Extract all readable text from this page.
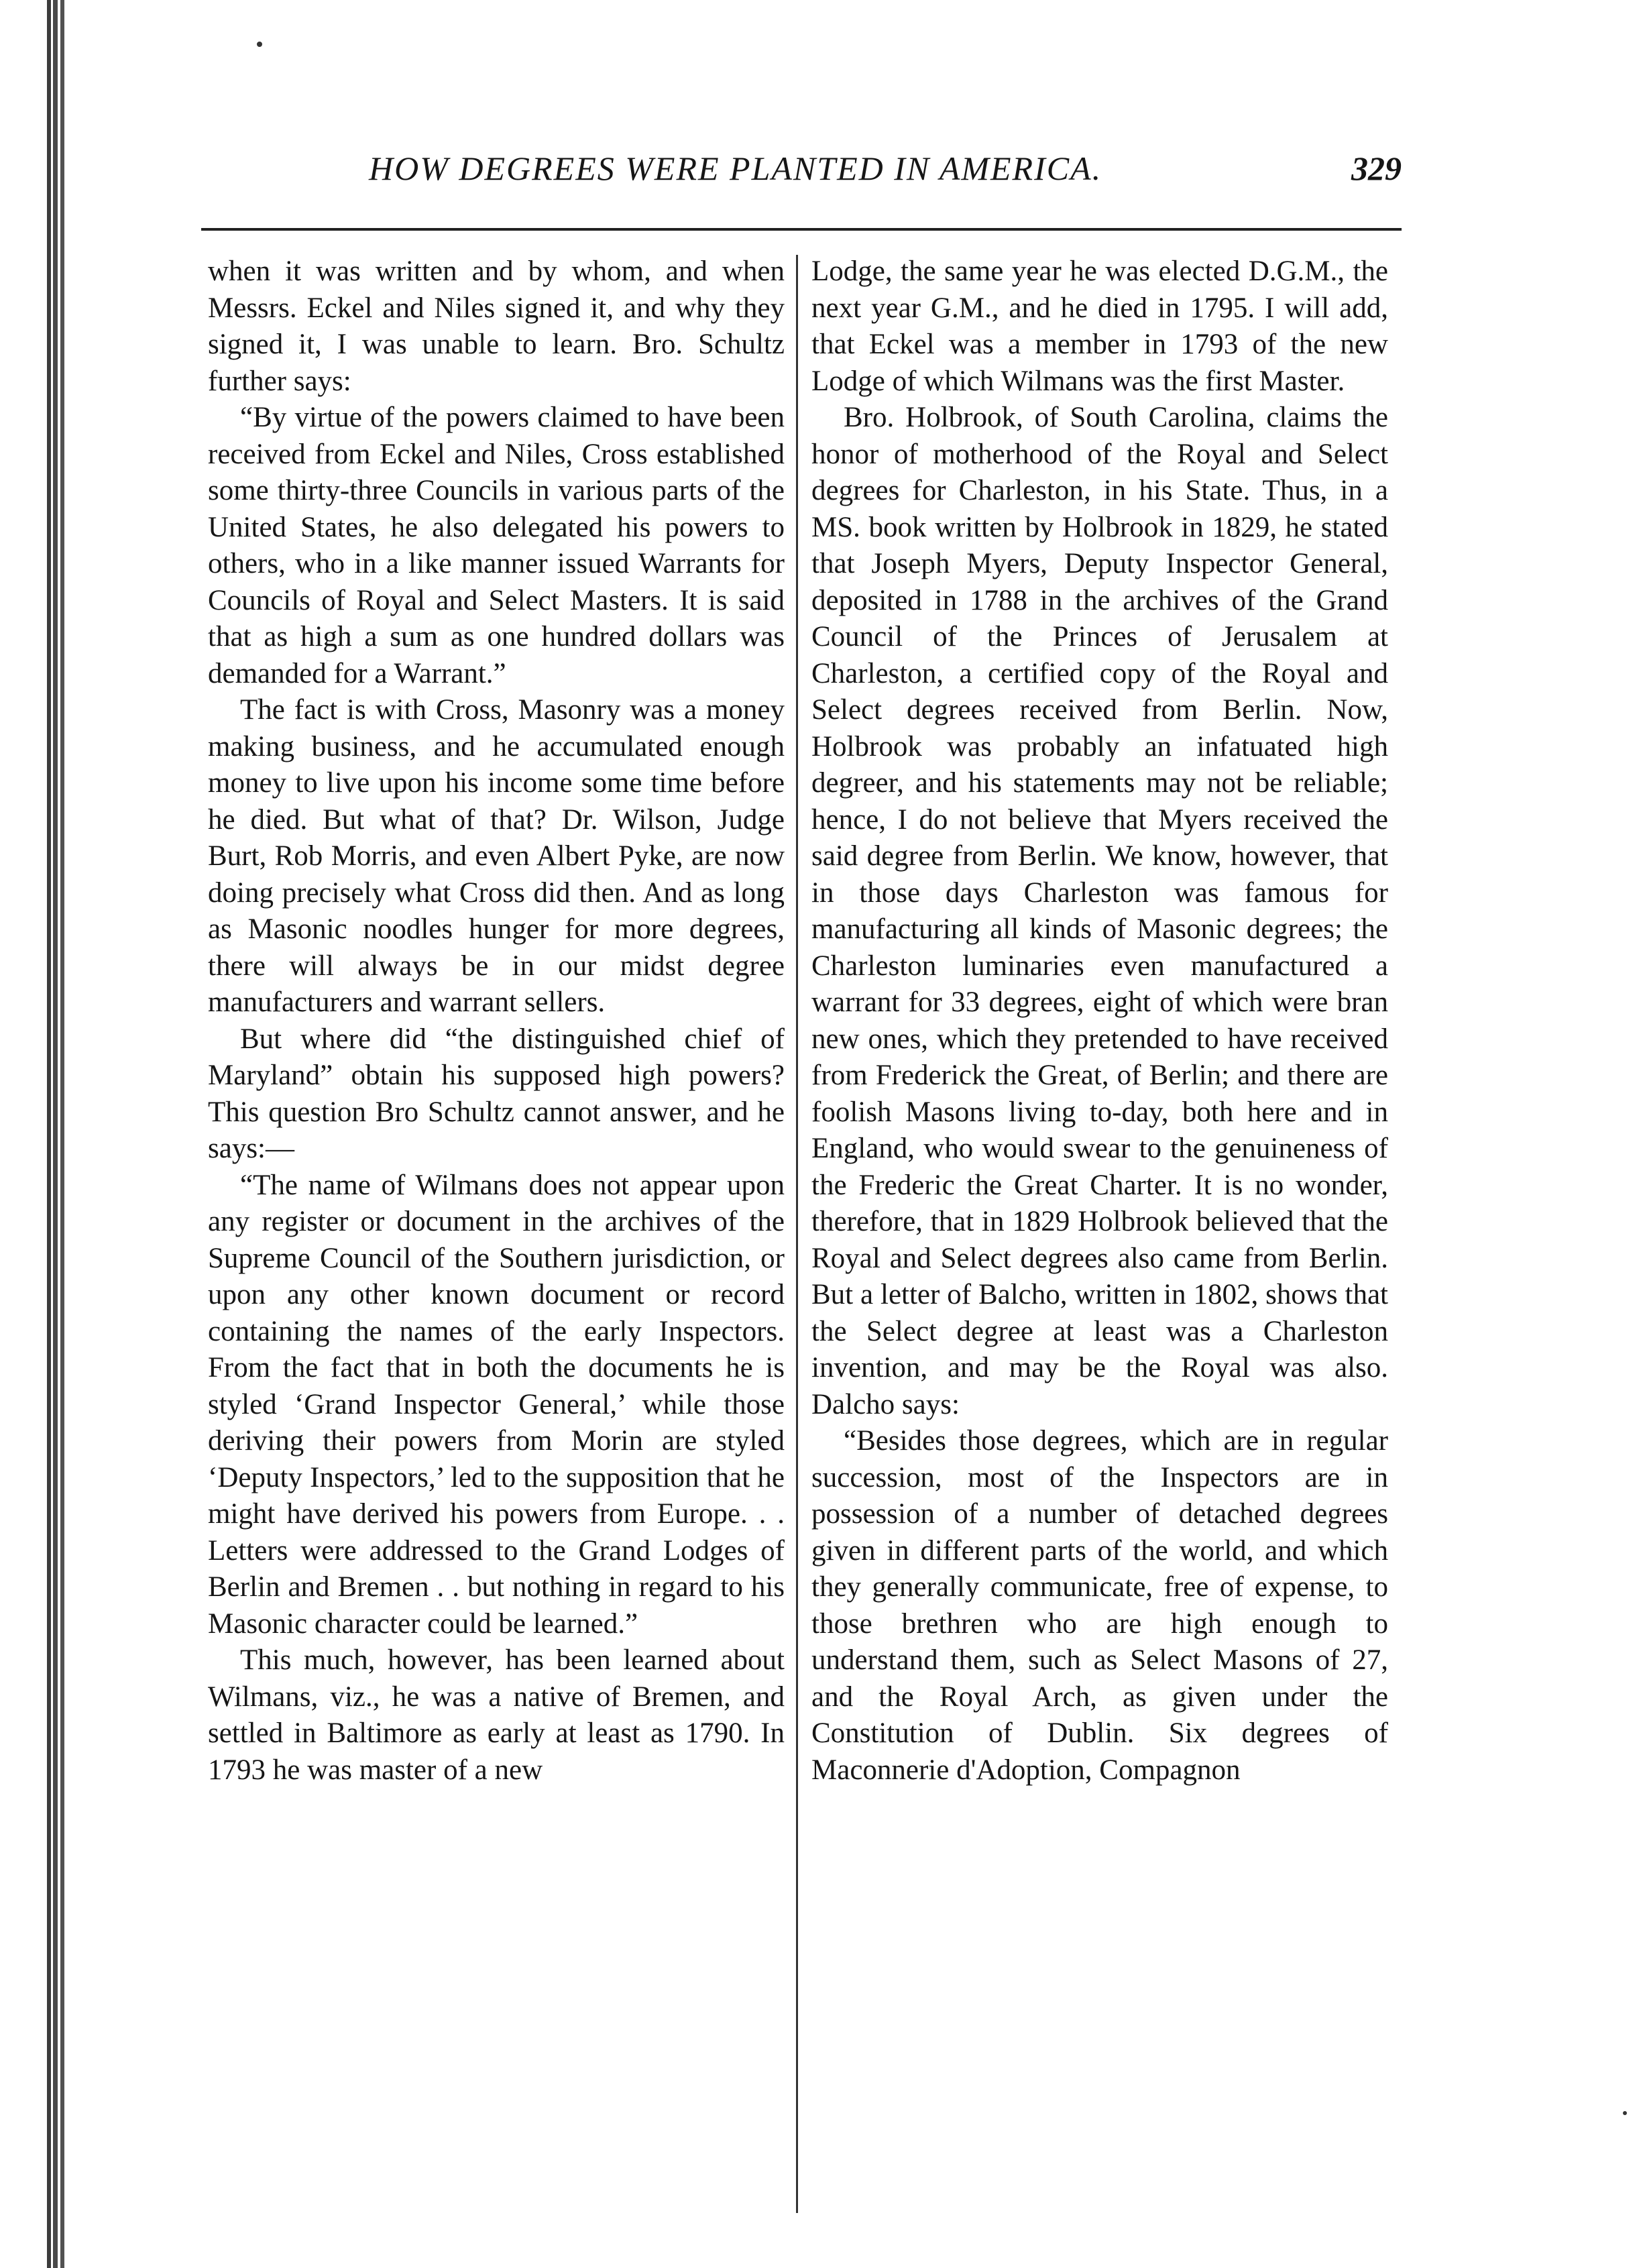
HOW DEGREES WERE PLANTED IN AMERICA.	329

when it was written and by whom, and when Messrs. Eckel and Niles signed it, and why they signed it, I was unable to learn. Bro. Schultz further says:

“By virtue of the powers claimed to have been received from Eckel and Niles, Cross established some thirty-three Councils in various parts of the United States, he also delegated his powers to others, who in a like manner issued Warrants for Councils of Royal and Select Masters. It is said that as high a sum as one hundred dollars was demanded for a Warrant.”

The fact is with Cross, Masonry was a money making business, and he accumulated enough money to live upon his income some time before he died. But what of that? Dr. Wilson, Judge Burt, Rob Morris, and even Albert Pyke, are now doing precisely what Cross did then. And as long as Masonic noodles hunger for more degrees, there will always be in our midst degree manufacturers and warrant sellers.

But where did “the distinguished chief of Maryland” obtain his supposed high powers? This question Bro Schultz cannot answer, and he says:—

“The name of Wilmans does not appear upon any register or document in the archives of the Supreme Council of the Southern jurisdiction, or upon any other known document or record containing the names of the early Inspectors. From the fact that in both the documents he is styled ‘Grand Inspector General,’ while those deriving their powers from Morin are styled ‘Deputy Inspectors,’ led to the supposition that he might have derived his powers from Europe. . . Letters were addressed to the Grand Lodges of Berlin and Bremen . . but nothing in regard to his Masonic character could be learned.”

This much, however, has been learned about Wilmans, viz., he was a native of Bremen, and settled in Baltimore as early at least as 1790. In 1793 he was master of a new

Lodge, the same year he was elected D.G.M., the next year G.M., and he died in 1795. I will add, that Eckel was a member in 1793 of the new Lodge of which Wilmans was the first Master.

Bro. Holbrook, of South Carolina, claims the honor of motherhood of the Royal and Select degrees for Charleston, in his State. Thus, in a MS. book written by Holbrook in 1829, he stated that Joseph Myers, Deputy Inspector General, deposited in 1788 in the archives of the Grand Council of the Princes of Jerusalem at Charleston, a certified copy of the Royal and Select degrees received from Berlin. Now, Holbrook was probably an infatuated high degreer, and his statements may not be reliable; hence, I do not believe that Myers received the said degree from Berlin. We know, however, that in those days Charleston was famous for manufacturing all kinds of Masonic degrees; the Charleston luminaries even manufactured a warrant for 33 degrees, eight of which were bran new ones, which they pretended to have received from Frederick the Great, of Berlin; and there are foolish Masons living to-day, both here and in England, who would swear to the genuineness of the Frederic the Great Charter. It is no wonder, therefore, that in 1829 Holbrook believed that the Royal and Select degrees also came from Berlin. But a letter of Balcho, written in 1802, shows that the Select degree at least was a Charleston invention, and may be the Royal was also. Dalcho says:

“Besides those degrees, which are in regular succession, most of the Inspectors are in possession of a number of detached degrees given in different parts of the world, and which they generally communicate, free of expense, to those brethren who are high enough to understand them, such as Select Masons of 27, and the Royal Arch, as given under the Constitution of Dublin. Six degrees of Maconnerie d'Adoption, Compagnon
